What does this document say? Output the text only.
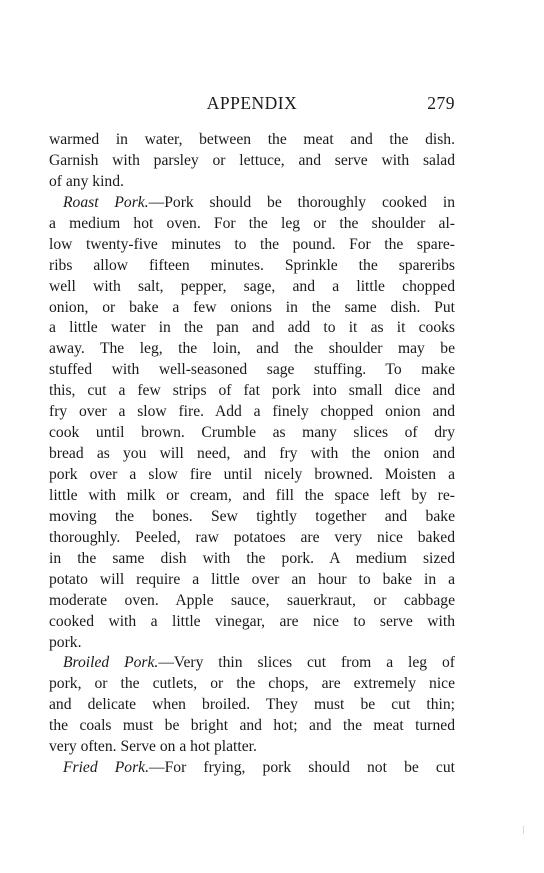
APPENDIX	279
warmed in water, between the meat and the dish.
Garnish with parsley or lettuce, and serve with salad
of any kind.
Roast Pork.—Pork should be thoroughly cooked in
a medium hot oven. For the leg or the shoulder al-
low twenty-five minutes to the pound. For the spare-
ribs allow fifteen minutes. Sprinkle the spareribs
well with salt, pepper, sage, and a little chopped
onion, or bake a few onions in the same dish. Put
a little water in the pan and add to it as it cooks
away. The leg, the loin, and the shoulder may be
stuffed with well-seasoned sage stuffing. To make
this, cut a few strips of fat pork into small dice and
fry over a slow fire. Add a finely chopped onion and
cook until brown. Crumble as many slices of dry
bread as you will need, and fry with the onion and
pork over a slow fire until nicely browned. Moisten a
little with milk or cream, and fill the space left by re-
moving the bones. Sew tightly together and bake
thoroughly. Peeled, raw potatoes are very nice baked
in the same dish with the pork. A medium sized
potato will require a little over an hour to bake in a
moderate oven. Apple sauce, sauerkraut, or cabbage
cooked with a little vinegar, are nice to serve with
pork.
Broiled Pork.—Very thin slices cut from a leg of
pork, or the cutlets, or the chops, are extremely nice
and delicate when broiled. They must be cut thin;
the coals must be bright and hot; and the meat turned
very often. Serve on a hot platter.
Fried Pork.—For frying, pork should not be cut
